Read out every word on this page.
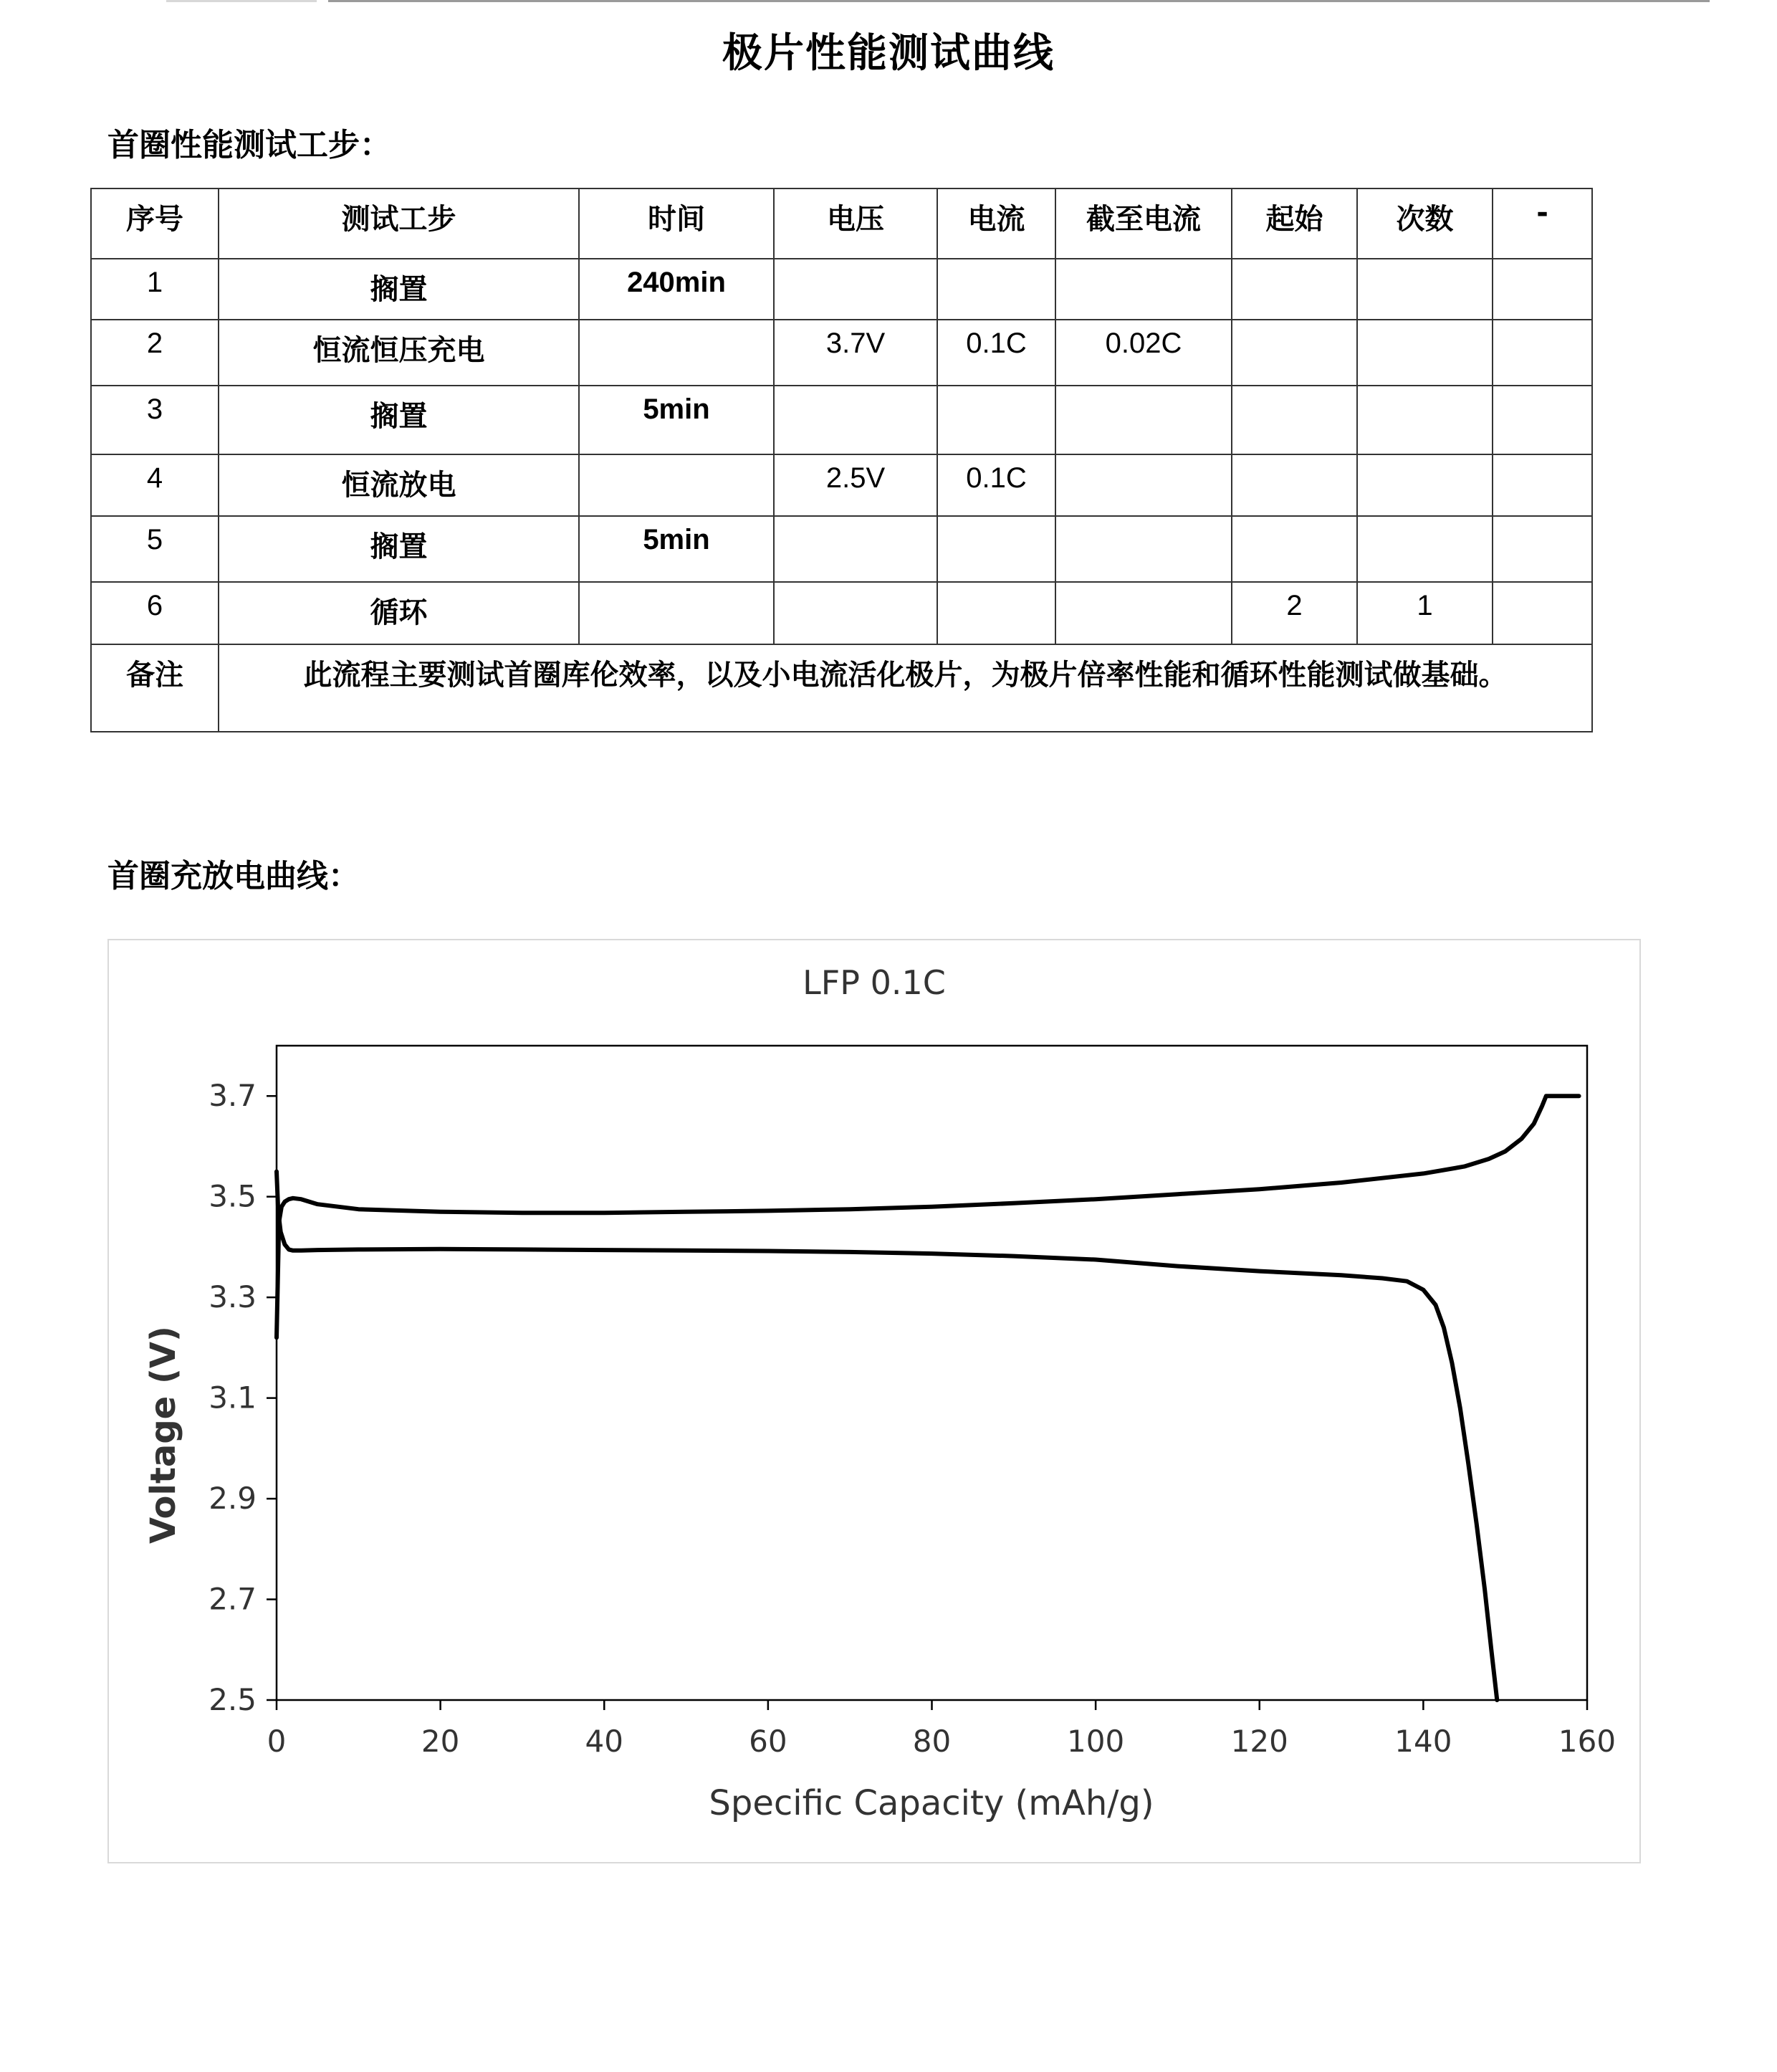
极片性能测试曲线
首圈性能测试工步：
序号	测试工步	时间	电压	电流	截至电流	起始	次数	-
1	搁置	240min						
2	恒流恒压充电		3.7V	0.1C	0.02C			
3	搁置	5min						
4	恒流放电		2.5V	0.1C				
5	搁置	5min						
6	循环					2	1	
备注	此流程主要测试首圈库伦效率，以及小电流活化极片，为极片倍率性能和循环性能测试做基础。							
首圈充放电曲线：
LFP 0.1C
0	20	40	60	80	100	120	140	160
2.5
2.7
2.9
3.1
3.3
3.5
3.7
Specific Capacity (mAh/g)
Voltage (V)
